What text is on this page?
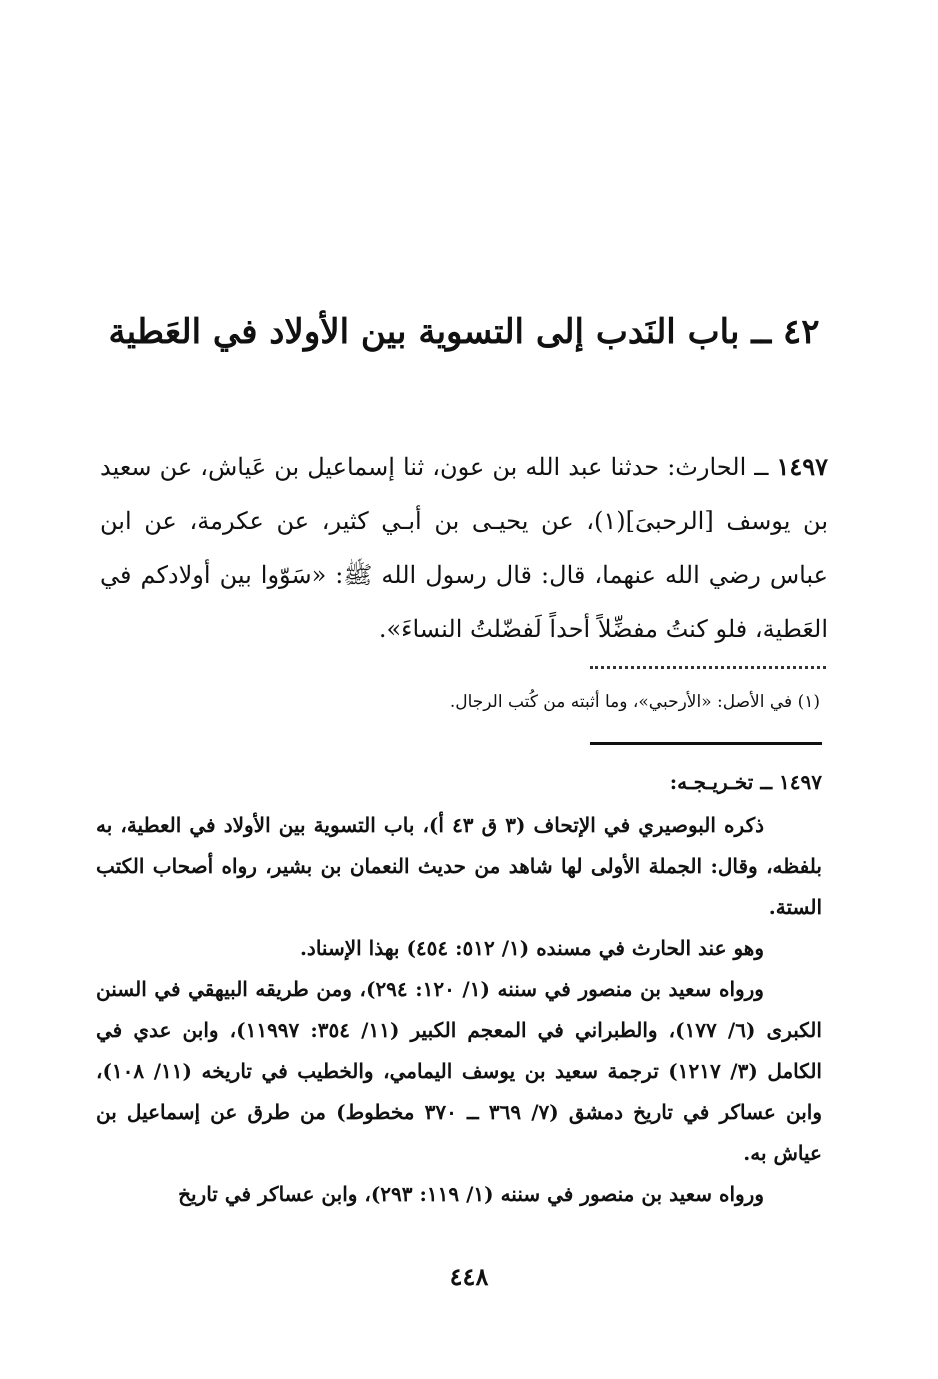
٤٢ ــ باب النَدب إلى التسوية بين الأولاد في العَطية

١٤٩٧ ــ الحارث: حدثنا عبد الله بن عون، ثنا إسماعيل بن عَياش، عن سعيد بن يوسف [الرحبىَ](١)، عن يحيـى بن أبـي كثير، عن عكرمة، عن ابن عباس رضي الله عنهما، قال: قال رسول الله ﷺ: «سَوّوا بين أولادكم في العَطية، فلو كنتُ مفضِّلاً أحداً لَفضّلتُ النساءَ».

(١) في الأصل: «الأرحبي»، وما أثبته من كُتب الرجال.

١٤٩٧ ــ تخـريـجـه:

ذكره البوصيري في الإتحاف (٣ ق ٤٣ أ)، باب التسوية بين الأولاد في العطية، به بلفظه، وقال: الجملة الأولى لها شاهد من حديث النعمان بن بشير، رواه أصحاب الكتب الستة.

وهو عند الحارث في مسنده (١/ ٥١٢: ٤٥٤) بهذا الإسناد.

ورواه سعيد بن منصور في سننه (١/ ١٢٠: ٢٩٤)، ومن طريقه البيهقي في السنن الكبرى (٦/ ١٧٧)، والطبراني في المعجم الكبير (١١/ ٣٥٤: ١١٩٩٧)، وابن عدي في الكامل (٣/ ١٢١٧) ترجمة سعيد بن يوسف اليمامي، والخطيب في تاريخه (١١/ ١٠٨)، وابن عساكر في تاريخ دمشق (٧/ ٣٦٩ ــ ٣٧٠ مخطوط) من طرق عن إسماعيل بن عياش به.

ورواه سعيد بن منصور في سننه (١/ ١١٩: ٢٩٣)، وابن عساكر في تاريخ

٤٤٨
